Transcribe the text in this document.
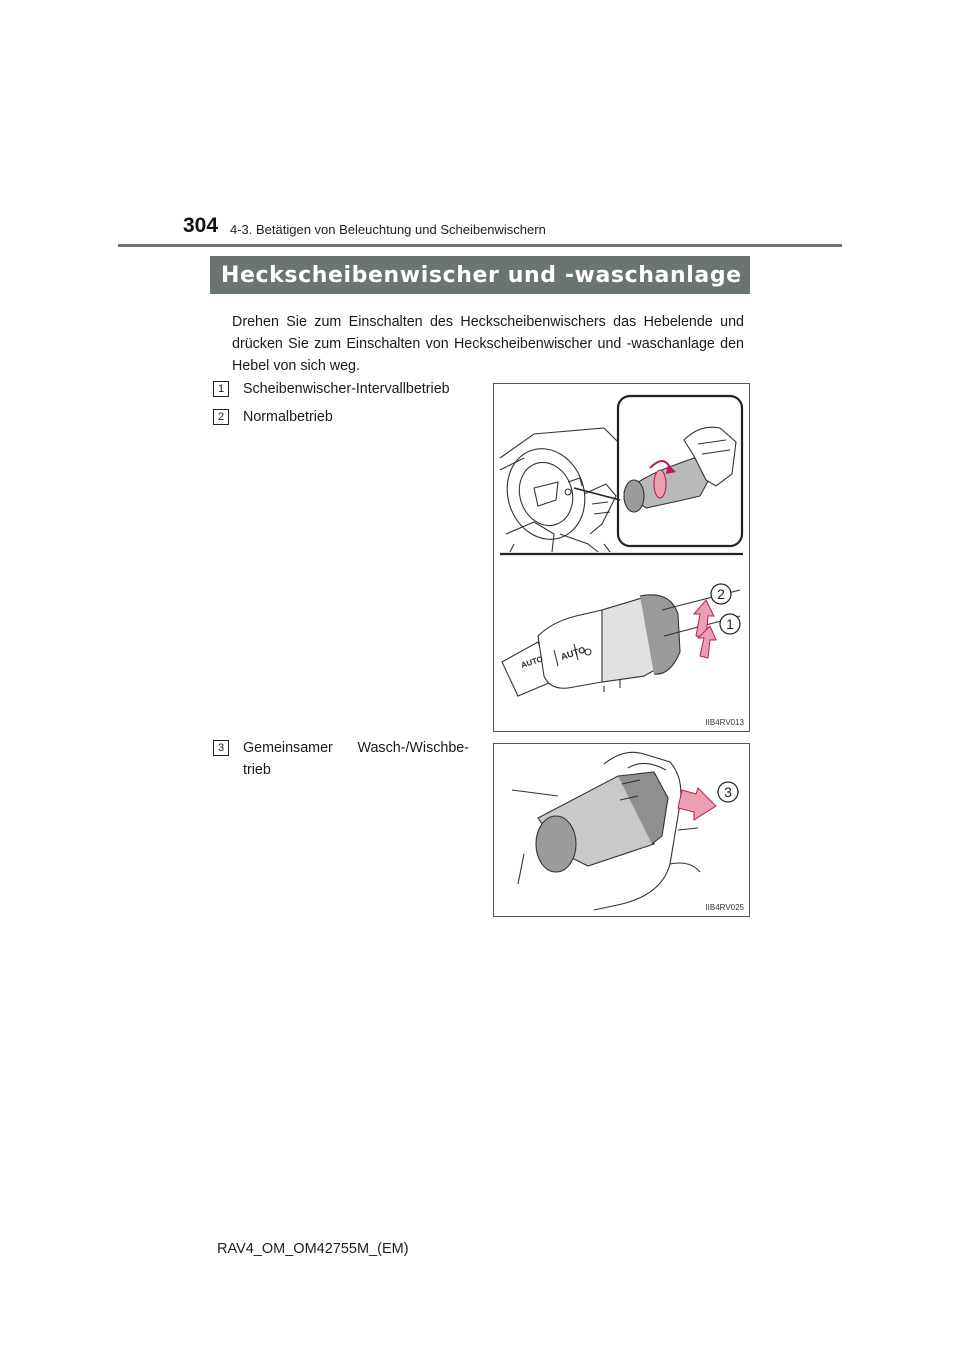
304 4-3. Betätigen von Beleuchtung und Scheibenwischern
Heckscheibenwischer und -waschanlage
Drehen Sie zum Einschalten des Heckscheibenwischers das Hebelende und drücken Sie zum Einschalten von Heckscheibenwischer und -waschanlage den Hebel von sich weg.
1	Scheibenwischer-Intervallbetrieb
2	Normalbetrieb
3	Gemeinsamer Wasch-/Wischbe-
trieb
AUTO
AUTO
2
1
IIB4RV013
3
IIB4RV025
RAV4_OM_OM42755M_(EM)
